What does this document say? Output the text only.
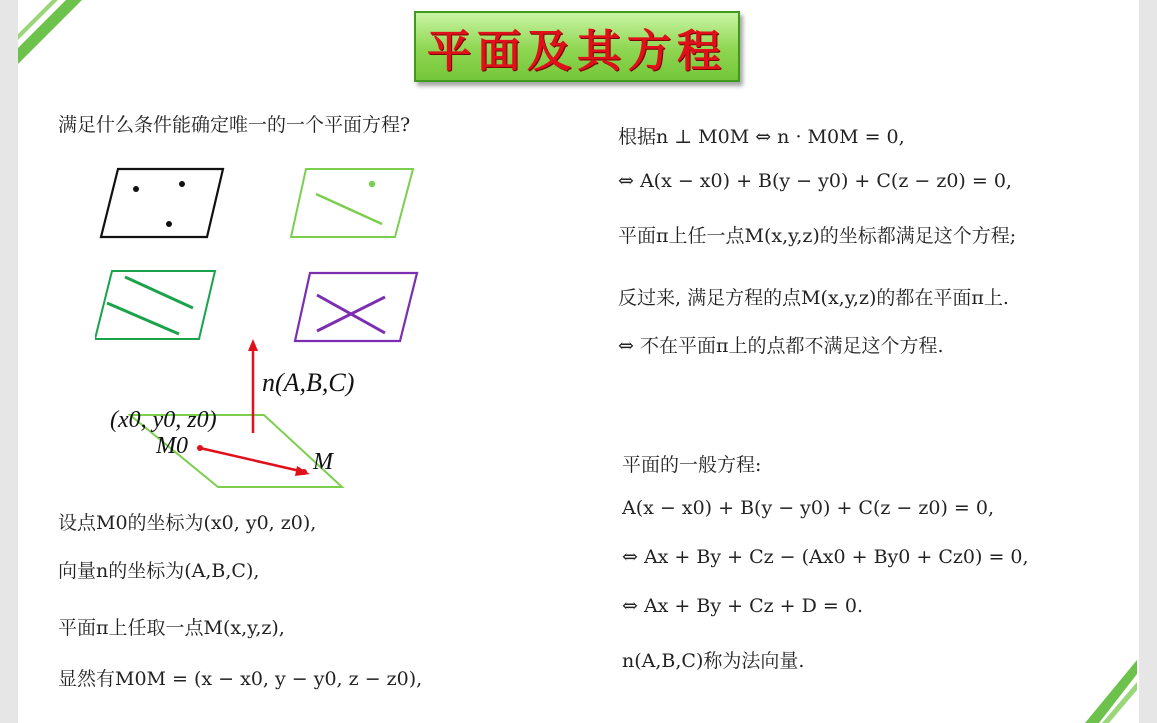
平面及其方程
满足什么条件能确定唯一的一个平面方程?
n(A,B,C)
(x0, y0, z0)
M0
M
设点M0的坐标为(x0, y0, z0),
向量n的坐标为(A,B,C),
平面π上任取一点M(x,y,z),
显然有M0M = (x − x0, y − y0, z − z0),
根据n ⊥ M0M ⇔ n · M0M = 0,
⇔ A(x − x0) + B(y − y0) + C(z − z0) = 0,
平面π上任一点M(x,y,z)的坐标都满足这个方程;
反过来, 满足方程的点M(x,y,z)的都在平面π上.
⇔ 不在平面π上的点都不满足这个方程.
平面的一般方程:
A(x − x0) + B(y − y0) + C(z − z0) = 0,
⇔ Ax + By + Cz − (Ax0 + By0 + Cz0) = 0,
⇔ Ax + By + Cz + D = 0.
n(A,B,C)称为法向量.
